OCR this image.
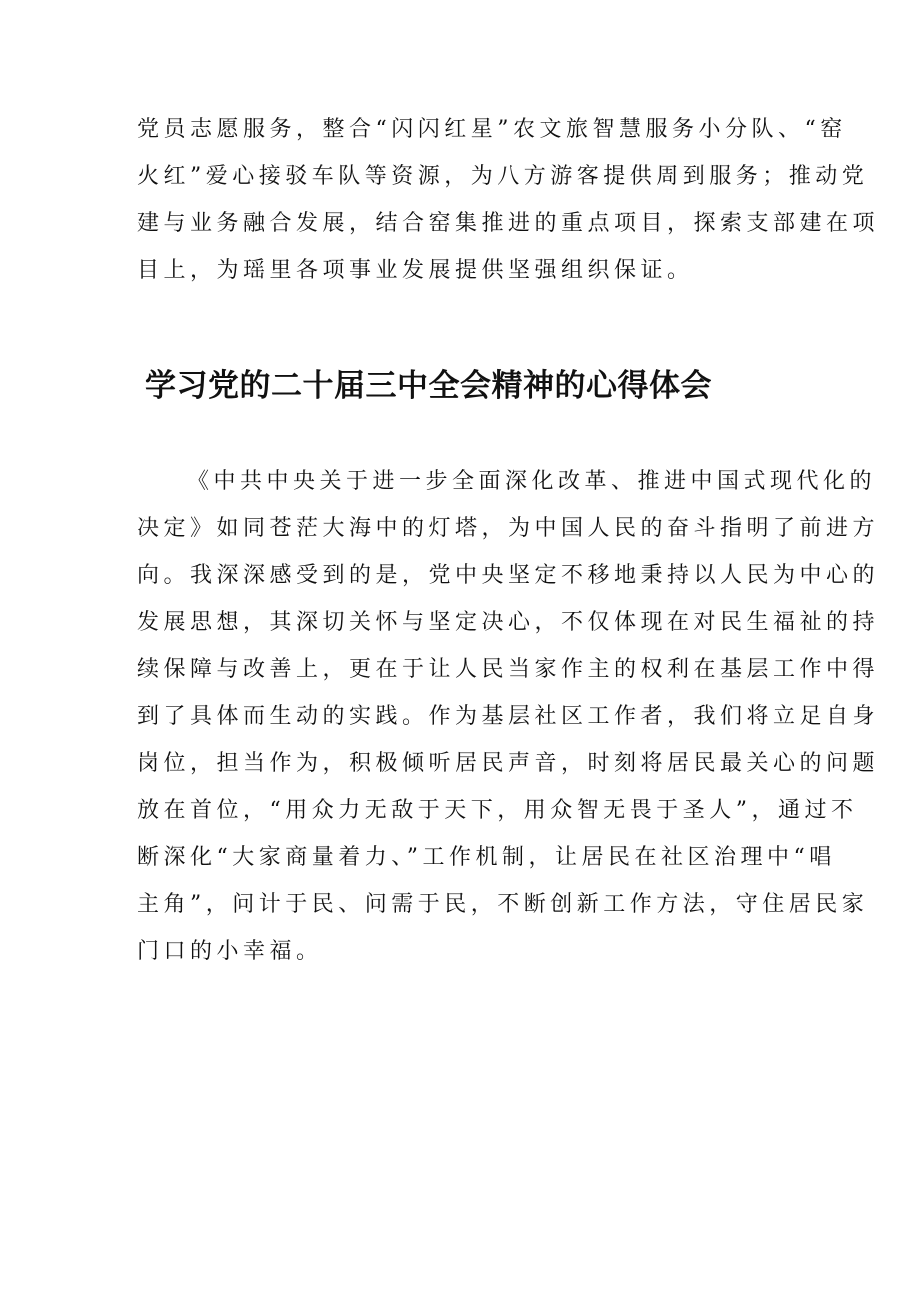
党员志愿服务，整合“闪闪红星”农文旅智慧服务小分队、“窑
火红”爱心接驳车队等资源，为八方游客提供周到服务；推动党
建与业务融合发展，结合窑集推进的重点项目，探索支部建在项
目上，为瑶里各项事业发展提供坚强组织保证。
学习党的二十届三中全会精神的心得体会
《中共中央关于进一步全面深化改革、推进中国式现代化的
决定》如同苍茫大海中的灯塔，为中国人民的奋斗指明了前进方
向。我深深感受到的是，党中央坚定不移地秉持以人民为中心的
发展思想，其深切关怀与坚定决心，不仅体现在对民生福祉的持
续保障与改善上，更在于让人民当家作主的权利在基层工作中得
到了具体而生动的实践。作为基层社区工作者，我们将立足自身
岗位，担当作为，积极倾听居民声音，时刻将居民最关心的问题
放在首位，“用众力无敌于天下，用众智无畏于圣人”，通过不
断深化“大家商量着力、”工作机制，让居民在社区治理中“唱
主角”，问计于民、问需于民，不断创新工作方法，守住居民家
门口的小幸福。
